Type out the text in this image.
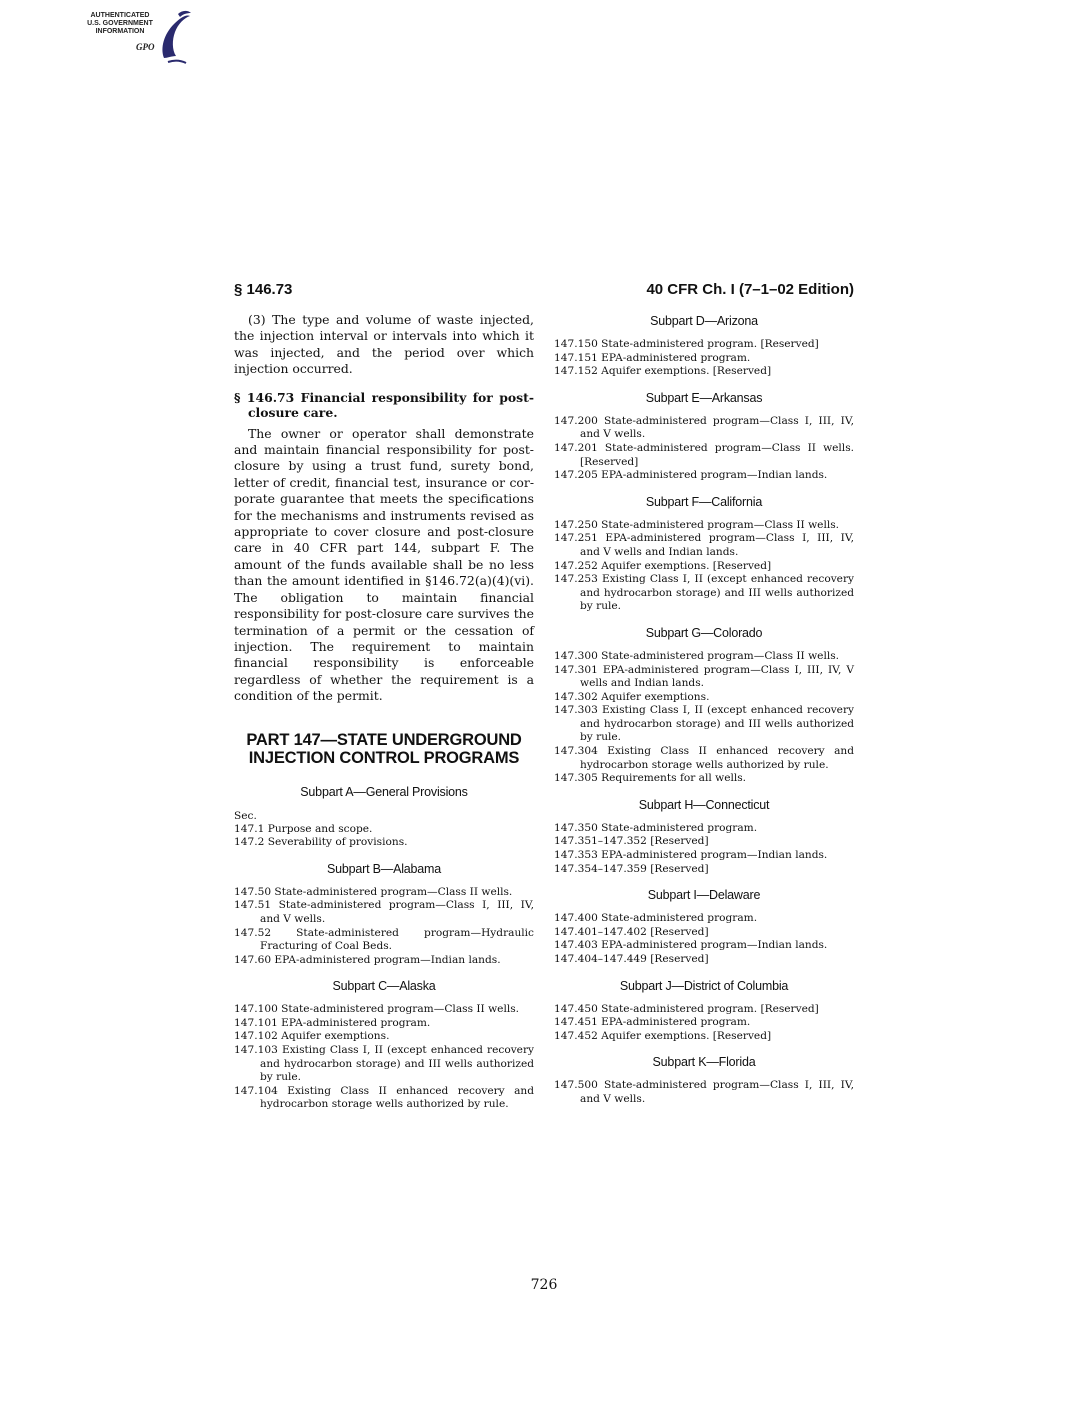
AUTHENTICATED
U.S. GOVERNMENT
INFORMATION
GPO
§ 146.73	40 CFR Ch. I (7–1–02 Edition)

(3) The type and volume of waste injected, the injection interval or intervals into which it was injected, and the period over which injection occurred.

§ 146.73 Financial responsibility for post-closure care.

The owner or operator shall demonstrate and maintain financial responsibility for post-closure by using a trust fund, surety bond, letter of credit, financial test, insurance or corporate guarantee that meets the specifications for the mechanisms and instruments revised as appropriate to cover closure and post-closure care in 40 CFR part 144, subpart F. The amount of the funds available shall be no less than the amount identified in §146.72(a)(4)(vi). The obligation to maintain financial responsibility for post-closure care survives the termination of a permit or the cessation of injection. The requirement to maintain financial responsibility is enforceable regardless of whether the requirement is a condition of the permit.

PART 147—STATE UNDERGROUND INJECTION CONTROL PROGRAMS
Subpart A—General Provisions

Sec.

147.1 Purpose and scope.

147.2 Severability of provisions.

Subpart B—Alabama

147.50 State-administered program—Class II wells.

147.51 State-administered program—Class I, III, IV, and V wells.

147.52 State-administered program—Hydraulic Fracturing of Coal Beds.

147.60 EPA-administered program—Indian lands.

Subpart C—Alaska

147.100 State-administered program—Class II wells.

147.101 EPA-administered program.

147.102 Aquifer exemptions.

147.103 Existing Class I, II (except enhanced recovery and hydrocarbon storage) and III wells authorized by rule.

147.104 Existing Class II enhanced recovery and hydrocarbon storage wells authorized by rule.

Subpart D—Arizona

147.150 State-administered program. [Reserved]

147.151 EPA-administered program.

147.152 Aquifer exemptions. [Reserved]

Subpart E—Arkansas

147.200 State-administered program—Class I, III, IV, and V wells.

147.201 State-administered program—Class II wells. [Reserved]

147.205 EPA-administered program—Indian lands.

Subpart F—California

147.250 State-administered program—Class II wells.

147.251 EPA-administered program—Class I, III, IV, and V wells and Indian lands.

147.252 Aquifer exemptions. [Reserved]

147.253 Existing Class I, II (except enhanced recovery and hydrocarbon storage) and III wells authorized by rule.

Subpart G—Colorado

147.300 State-administered program—Class II wells.

147.301 EPA-administered program—Class I, III, IV, V wells and Indian lands.

147.302 Aquifer exemptions.

147.303 Existing Class I, II (except enhanced recovery and hydrocarbon storage) and III wells authorized by rule.

147.304 Existing Class II enhanced recovery and hydrocarbon storage wells authorized by rule.

147.305 Requirements for all wells.

Subpart H—Connecticut

147.350 State-administered program.

147.351–147.352 [Reserved]

147.353 EPA-administered program—Indian lands.

147.354–147.359 [Reserved]

Subpart I—Delaware

147.400 State-administered program.

147.401–147.402 [Reserved]

147.403 EPA-administered program—Indian lands.

147.404–147.449 [Reserved]

Subpart J—District of Columbia

147.450 State-administered program. [Reserved]

147.451 EPA-administered program.

147.452 Aquifer exemptions. [Reserved]

Subpart K—Florida

147.500 State-administered program—Class I, III, IV, and V wells.

726
